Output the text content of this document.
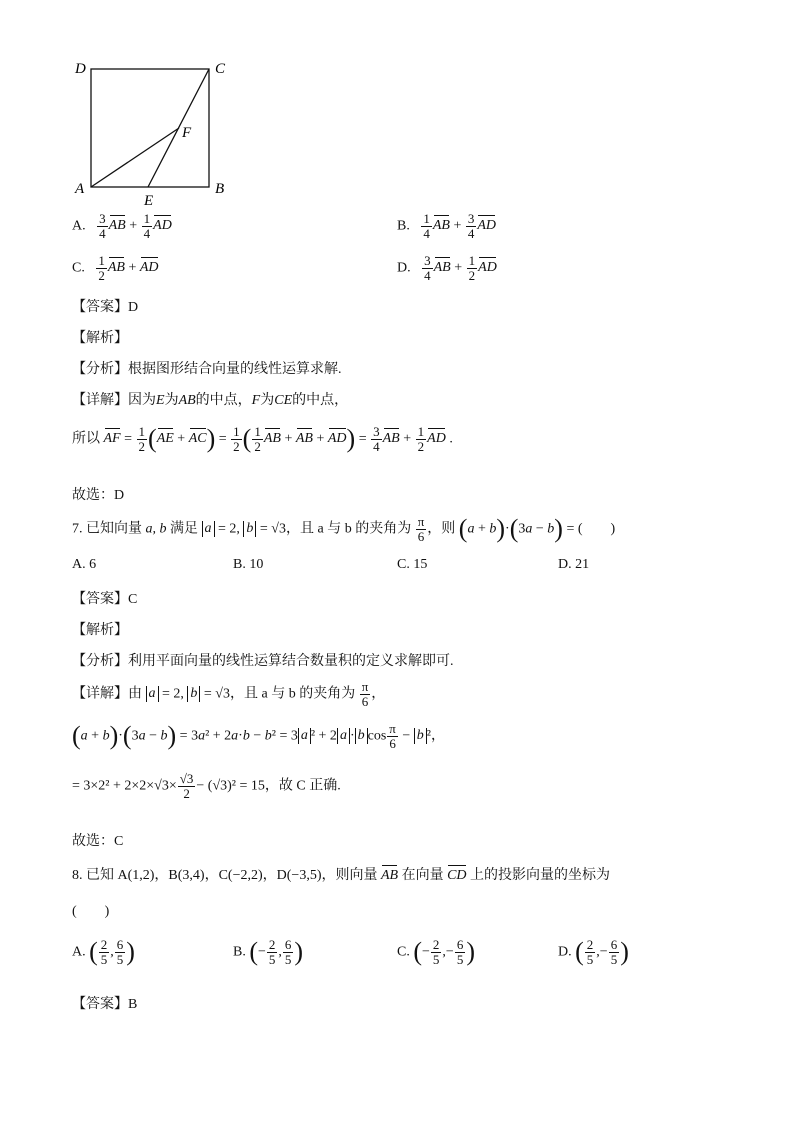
D	C
F
A
E
B
A. $\frac{3}{4}$ AB + $\frac{1}{4}$ AD	B. $\frac{1}{4}$ AB + $\frac{3}{4}$ AD
C. $\frac{1}{2}$ AB + AD	D. $\frac{3}{4}$ AB + $\frac{1}{2}$ AD
【答案】D
【解析】
【分析】根据图形结合向量的线性运算求解.
【详解】因为E为AB的中点，F为CE的中点，
所以 AF = $\frac{1}{2} (AE + AC) = \frac{1}{2}$ ( $\frac{1}{2}$ AB + AB + $AD) = \frac{3}{4}$ AB + $\frac{1}{2}$ AD .
故选：D
7. 已知向量 a, b 满足 a = 2, b = √3，且 a 与 b 的夹角为 $\frac{\pi}{6}$ ，则 (a + b)·(3a − b) = (　　)
A. 6	B. 10	C. 15	D. 21
【答案】C
【解析】
【分析】利用平面向量的线性运算结合数量积的定义求解即可.
【详解】由 a = 2, b = √3，且 a 与 b 的夹角为 $\frac{\pi}{6}$ ，
(a + b)·(3a − b) = 3a² + 2a·b − b² = 3 a ² + 2 a · b $\cos \frac{\pi}{6} - b$ ²，
= $3\times 2^2 + 2\times 2\times√3\times \frac{√3}{2} - (√3)^2 = 15$，故 C 正确.
故选：C
8. 已知 A(1,2)，B(3,4)，C(−2,2)，D(−3,5)，则向量 AB 在向量 CD 上的投影向量的坐标为
(　　)
A. ( $\frac{2}{5}$ , $\frac{6}{5}$ )	B. (− $\frac{2}{5}$ , $\frac{6}{5}$ )	C. (− $\frac{2}{5}$ ,− $\frac{6}{5}$ )	D. ( $\frac{2}{5}$ ,− $\frac{6}{5}$ )
【答案】B
